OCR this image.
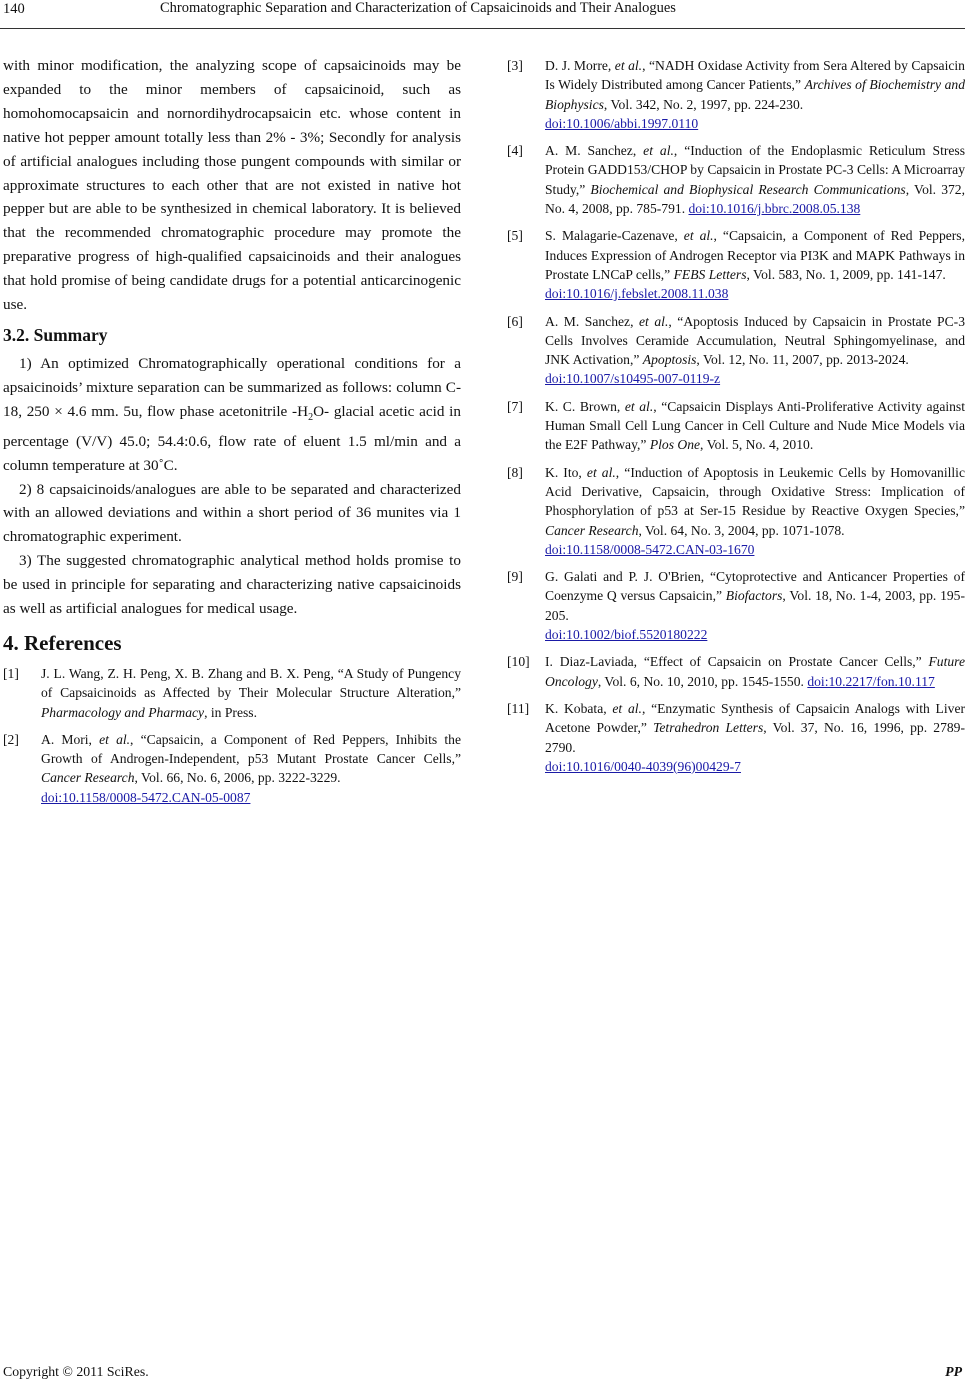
140	Chromatographic Separation and Characterization of Capsaicinoids and Their Analogues

with minor modification, the analyzing scope of capsaicinoids may be expanded to the minor members of capsaicinoid, such as homohomocapsaicin and nornordihydrocapsaicin etc. whose content in native hot pepper amount totally less than 2% - 3%; Secondly for analysis of artificial analogues including those pungent compounds with similar or approximate structures to each other that are not existed in native hot pepper but are able to be synthesized in chemical laboratory. It is believed that the recommended chromatographic procedure may promote the preparative progress of high-qualified capsaicinoids and their analogues that hold promise of being candidate drugs for a potential anticarcinogenic use.

3.2. Summary

1) An optimized Chromatographically operational conditions for a apsaicinoids’ mixture separation can be summarized as follows: column C-18, 250 × 4.6 mm. 5u, flow phase acetonitrile $-H_2O-$ glacial acetic acid in percentage (V/V) 45.0; 54.4:0.6, flow rate of eluent 1.5 ml/min and a column temperature at 30˚C.

2) 8 capsaicinoids/analogues are able to be separated and characterized with an allowed deviations and within a short period of 36 munites via 1 chromatographic experiment.

3) The suggested chromatographic analytical method holds promise to be used in principle for separating and characterizing native capsaicinoids as well as artificial analogues for medical usage.

4. References
[1] J. L. Wang, Z. H. Peng, X. B. Zhang and B. X. Peng, “A Study of Pungency of Capsaicinoids as Affected by Their Molecular Structure Alteration,” Pharmacology and Pharmacy, in Press.
[2] A. Mori, et al., “Capsaicin, a Component of Red Peppers, Inhibits the Growth of Androgen-Independent, p53 Mutant Prostate Cancer Cells,” Cancer Research, Vol. 66, No. 6, 2006, pp. 3222-3229.
doi:10.1158/0008-5472.CAN-05-0087
[3] D. J. Morre, et al., “NADH Oxidase Activity from Sera Altered by Capsaicin Is Widely Distributed among Cancer Patients,” Archives of Biochemistry and Biophysics, Vol. 342, No. 2, 1997, pp. 224-230.
doi:10.1006/abbi.1997.0110
[4] A. M. Sanchez, et al., “Induction of the Endoplasmic Reticulum Stress Protein GADD153/CHOP by Capsaicin in Prostate PC-3 Cells: A Microarray Study,” Biochemical and Biophysical Research Communications, Vol. 372, No. 4, 2008, pp. 785-791. doi:10.1016/j.bbrc.2008.05.138
[5] S. Malagarie-Cazenave, et al., “Capsaicin, a Component of Red Peppers, Induces Expression of Androgen Receptor via PI3K and MAPK Pathways in Prostate LNCaP cells,” FEBS Letters, Vol. 583, No. 1, 2009, pp. 141-147.
doi:10.1016/j.febslet.2008.11.038
[6] A. M. Sanchez, et al., “Apoptosis Induced by Capsaicin in Prostate PC-3 Cells Involves Ceramide Accumulation, Neutral Sphingomyelinase, and JNK Activation,” Apoptosis, Vol. 12, No. 11, 2007, pp. 2013-2024.
doi:10.1007/s10495-007-0119-z
[7] K. C. Brown, et al., “Capsaicin Displays Anti-Proliferative Activity against Human Small Cell Lung Cancer in Cell Culture and Nude Mice Models via the E2F Pathway,” Plos One, Vol. 5, No. 4, 2010.
[8] K. Ito, et al., “Induction of Apoptosis in Leukemic Cells by Homovanillic Acid Derivative, Capsaicin, through Oxidative Stress: Implication of Phosphorylation of p53 at Ser-15 Residue by Reactive Oxygen Species,” Cancer Research, Vol. 64, No. 3, 2004, pp. 1071-1078.
doi:10.1158/0008-5472.CAN-03-1670
[9] G. Galati and P. J. O'Brien, “Cytoprotective and Anticancer Properties of Coenzyme Q versus Capsaicin,” Biofactors, Vol. 18, No. 1-4, 2003, pp. 195-205.
doi:10.1002/biof.5520180222
[10] I. Diaz-Laviada, “Effect of Capsaicin on Prostate Cancer Cells,” Future Oncology, Vol. 6, No. 10, 2010, pp. 1545-1550. doi:10.2217/fon.10.117
[11] K. Kobata, et al., “Enzymatic Synthesis of Capsaicin Analogs with Liver Acetone Powder,” Tetrahedron Letters, Vol. 37, No. 16, 1996, pp. 2789-2790.
doi:10.1016/0040-4039(96)00429-7
Copyright © 2011 SciRes.	PP
